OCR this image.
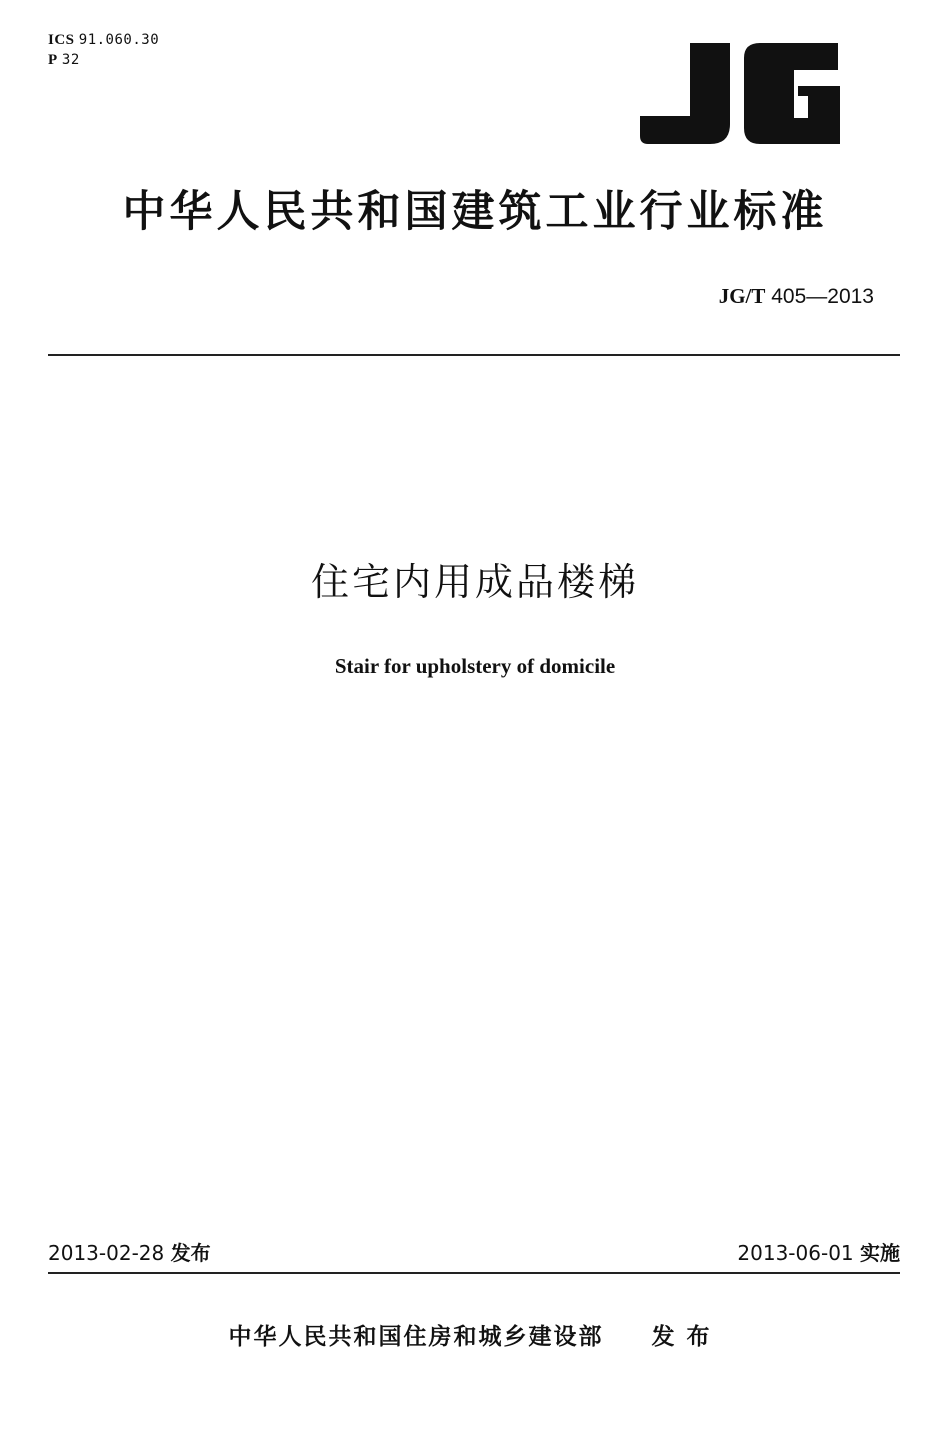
ICS 91.060.30
P 32
中华人民共和国建筑工业行业标准
JG/T 405—2013
住宅内用成品楼梯
Stair for upholstery of domicile
2013-02-28 发布	2013-06-01 实施
中华人民共和国住房和城乡建设部 发布
